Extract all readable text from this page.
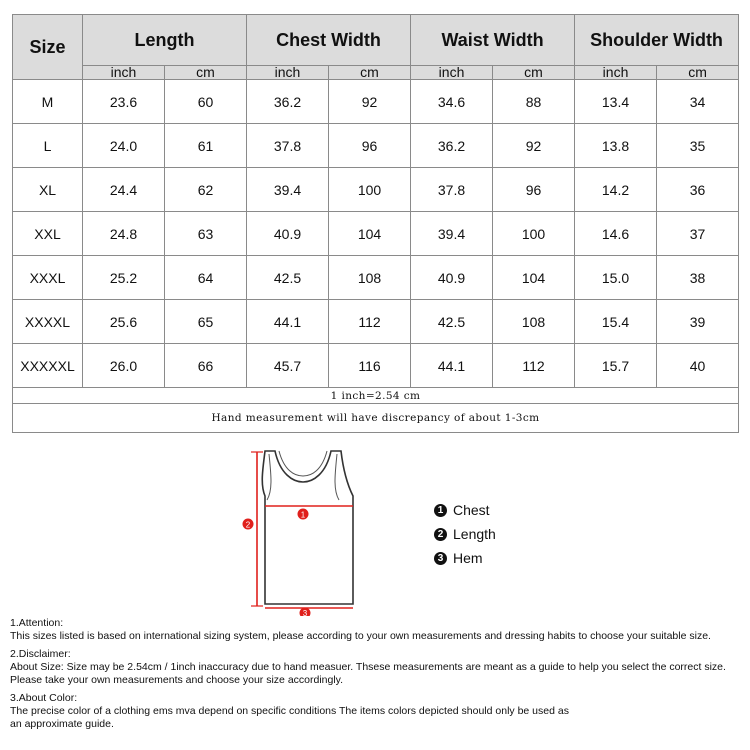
Size	Length		Chest Width		Waist Width		Shoulder Width	
	inch	cm	inch	cm	inch	cm	inch	cm
M	23.6	60	36.2	92	34.6	88	13.4	34
L	24.0	61	37.8	96	36.2	92	13.8	35
XL	24.4	62	39.4	100	37.8	96	14.2	36
XXL	24.8	63	40.9	104	39.4	100	14.6	37
XXXL	25.2	64	42.5	108	40.9	104	15.0	38
XXXXL	25.6	65	44.1	112	42.5	108	15.4	39
XXXXXL	26.0	66	45.7	116	44.1	112	15.7	40
1 inch=2.54 cm								
Hand measurement will have discrepancy of about 1-3cm								
1
2
3
1 Chest
2 Length
3 Hem

1.Attention:

This sizes listed is based on international sizing system, please according to your own measurements and dressing habits to choose your suitable size.

2.Disclaimer:

About Size: Size may be 2.54cm / 1inch inaccuracy due to hand measuer. Thsese measurements are meant as a guide to help you select the correct size.

Please take your own measurements and choose your size accordingly.

3.About Color:

The precise color of a clothing ems mva depend on specific conditions The items colors depicted should only be used as

an approximate guide.
